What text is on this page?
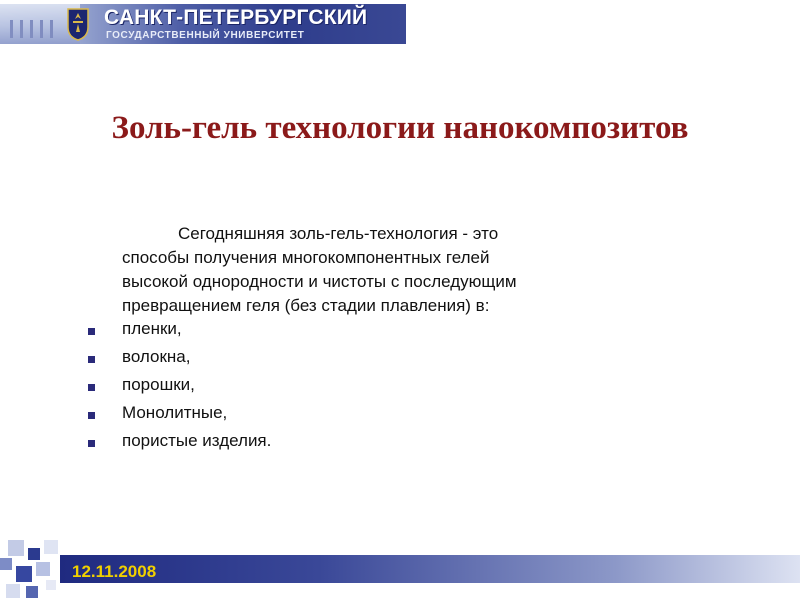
САНКТ-ПЕТЕРБУРГСКИЙ
ГОСУДАРСТВЕННЫЙ УНИВЕРСИТЕТ
Золь-гель технологии нанокомпозитов
Сегодняшняя золь-гель-технология - это
способы получения многокомпонентных гелей
высокой однородности и чистоты с последующим
превращением геля (без стадии плавления) в:
пленки,
волокна,
порошки,
Монолитные,
пористые изделия.
12.11.2008
